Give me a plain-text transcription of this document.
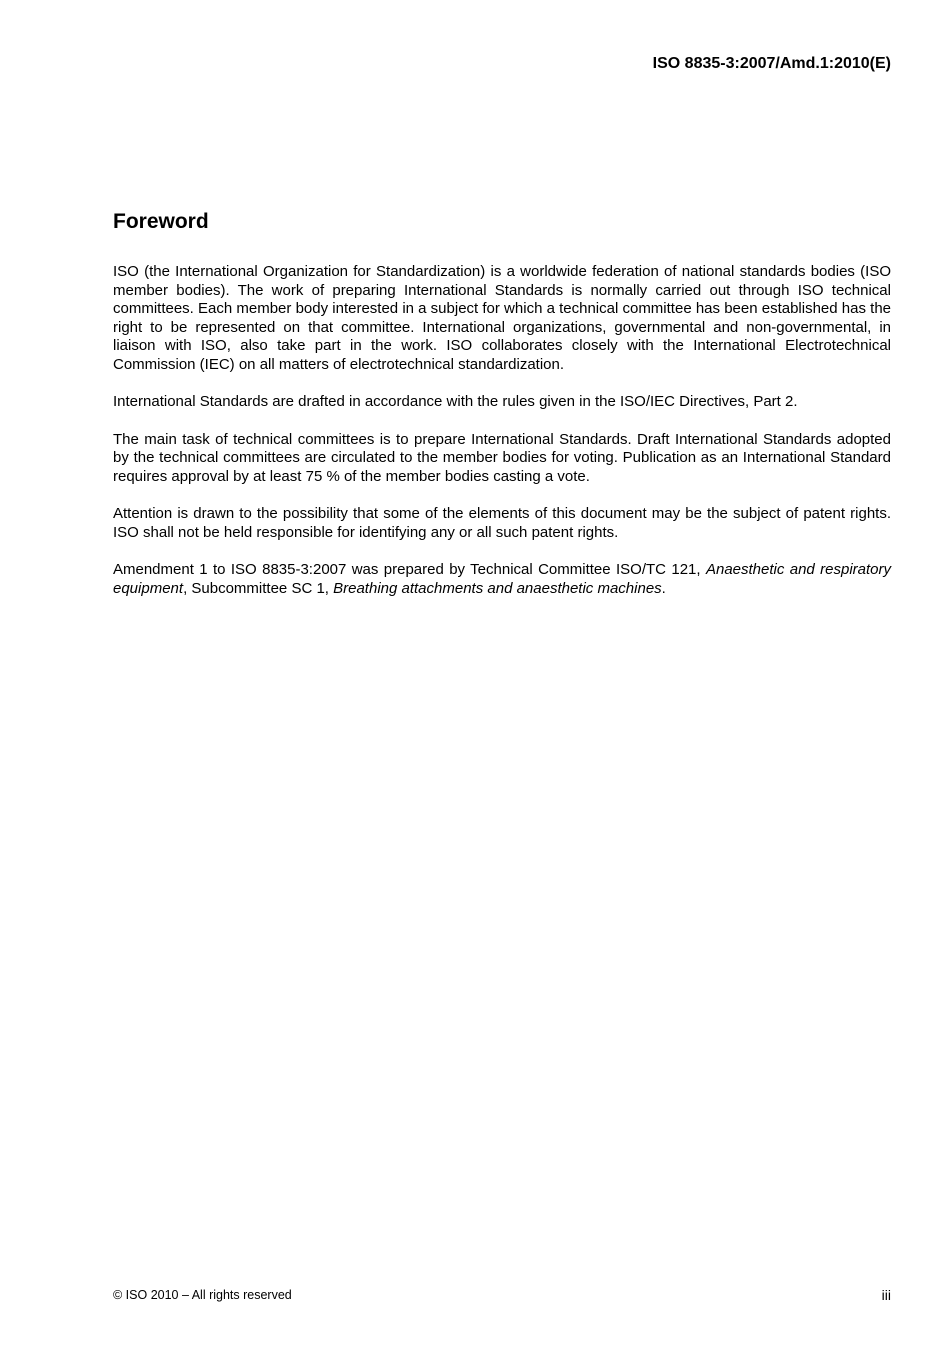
ISO 8835-3:2007/Amd.1:2010(E)

Foreword

ISO (the International Organization for Standardization) is a worldwide federation of national standards bodies (ISO member bodies). The work of preparing International Standards is normally carried out through ISO technical committees. Each member body interested in a subject for which a technical committee has been established has the right to be represented on that committee. International organizations, governmental and non-governmental, in liaison with ISO, also take part in the work. ISO collaborates closely with the International Electrotechnical Commission (IEC) on all matters of electrotechnical standardization.

International Standards are drafted in accordance with the rules given in the ISO/IEC Directives, Part 2.

The main task of technical committees is to prepare International Standards. Draft International Standards adopted by the technical committees are circulated to the member bodies for voting. Publication as an International Standard requires approval by at least 75 % of the member bodies casting a vote.

Attention is drawn to the possibility that some of the elements of this document may be the subject of patent rights. ISO shall not be held responsible for identifying any or all such patent rights.

Amendment 1 to ISO 8835-3:2007 was prepared by Technical Committee ISO/TC 121, Anaesthetic and respiratory equipment, Subcommittee SC 1, Breathing attachments and anaesthetic machines.

© ISO 2010 – All rights reserved	iii
